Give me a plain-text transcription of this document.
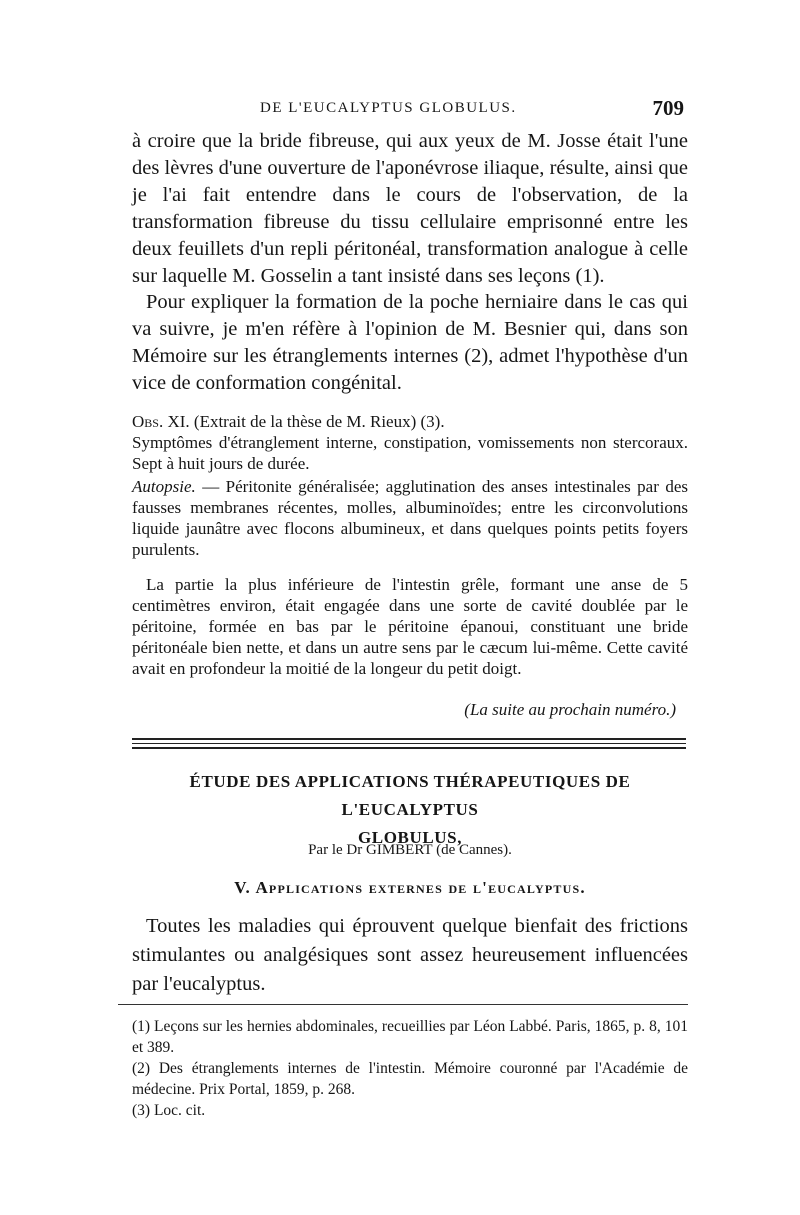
DE L'EUCALYPTUS GLOBULUS.	709

à croire que la bride fibreuse, qui aux yeux de M. Josse était l'une des lèvres d'une ouverture de l'aponévrose iliaque, résulte, ainsi que je l'ai fait entendre dans le cours de l'observation, de la transformation fibreuse du tissu cellulaire emprisonné entre les deux feuillets d'un repli péritonéal, transformation analogue à celle sur laquelle M. Gosselin a tant insisté dans ses leçons (1).

Pour expliquer la formation de la poche herniaire dans le cas qui va suivre, je m'en réfère à l'opinion de M. Besnier qui, dans son Mémoire sur les étranglements internes (2), admet l'hypothèse d'un vice de conformation congénital.

Obs. XI. (Extrait de la thèse de M. Rieux) (3).
Symptômes d'étranglement interne, constipation, vomissements non stercoraux. Sept à huit jours de durée.

Autopsie. — Péritonite généralisée; agglutination des anses intestinales par des fausses membranes récentes, molles, albuminoïdes; entre les circonvolutions liquide jaunâtre avec flocons albumineux, et dans quelques points petits foyers purulents.

La partie la plus inférieure de l'intestin grêle, formant une anse de 5 centimètres environ, était engagée dans une sorte de cavité doublée par le péritoine, formée en bas par le péritoine épanoui, constituant une bride péritonéale bien nette, et dans un autre sens par le cæcum lui-même. Cette cavité avait en profondeur la moitié de la longeur du petit doigt.

(La suite au prochain numéro.)

ÉTUDE DES APPLICATIONS THÉRAPEUTIQUES DE L'EUCALYPTUS
GLOBULUS,

Par le Dr GIMBERT (de Cannes).

V. Applications externes de l'eucalyptus.

Toutes les maladies qui éprouvent quelque bienfait des frictions stimulantes ou analgésiques sont assez heureusement influencées par l'eucalyptus.

(1) Leçons sur les hernies abdominales, recueillies par Léon Labbé. Paris, 1865, p. 8, 101 et 389.
(2) Des étranglements internes de l'intestin. Mémoire couronné par l'Académie de médecine. Prix Portal, 1859, p. 268.
(3) Loc. cit.
